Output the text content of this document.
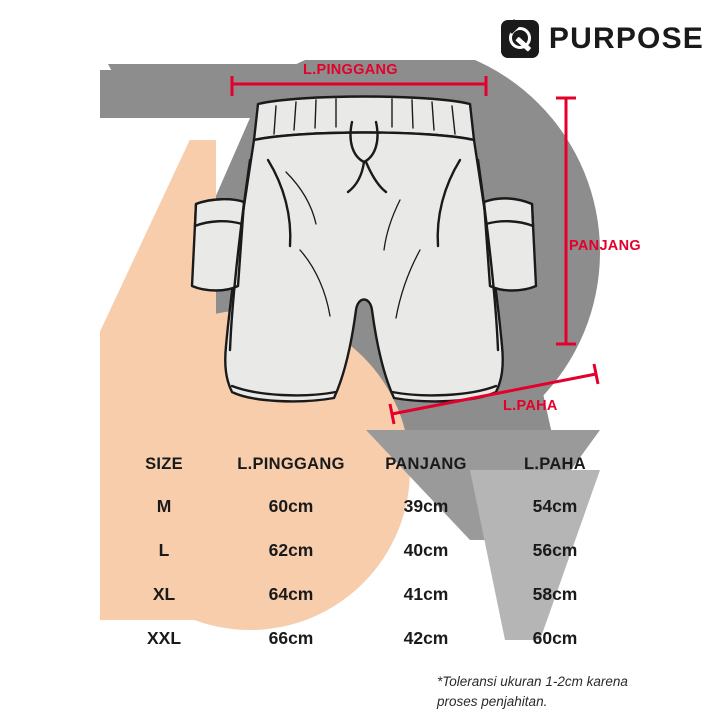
PURPOSE
L.PINGGANG
PANJANG
L.PAHA
SIZE	L.PINGGANG	PANJANG	L.PAHA
M	60cm	39cm	54cm
L	62cm	40cm	56cm
XL	64cm	41cm	58cm
XXL	66cm	42cm	60cm
*Toleransi ukuran 1-2cm karena
proses penjahitan.
